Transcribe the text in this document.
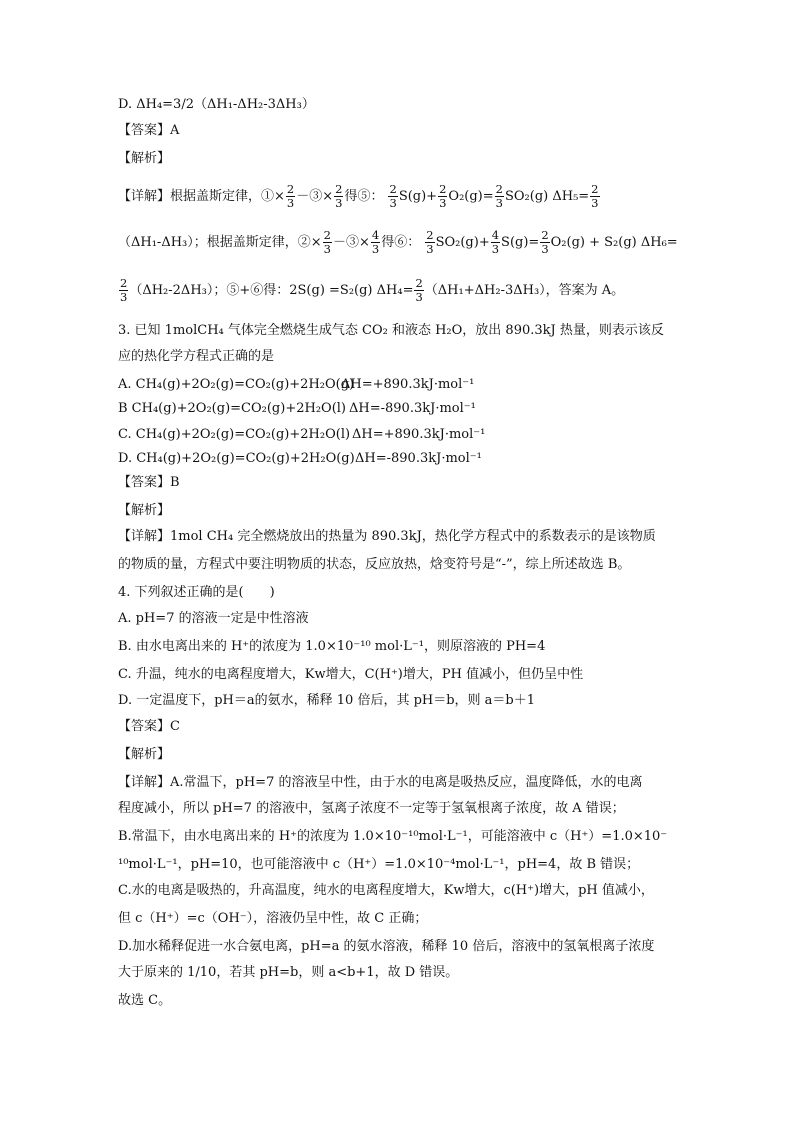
D. ΔH₄=3/2（ΔH₁-ΔH₂-3ΔH₃）
【答案】A
【解析】
【详解】根据盖斯定律，①× $\frac{2}{3}$ －③× $\frac{2}{3}$ 得⑤： $\frac{2}{3} S(g)+ \frac{2}{3} O_2(g)= \frac{2}{3} SO_2(g)$ $\Delta H_5= \frac{2}{3}$
（ΔH₁-ΔH₃）；根据盖斯定律，②× $\frac{2}{3}$ －③× $\frac{4}{3}$ 得⑥： $\frac{2}{3} SO_2(g)+ \frac{4}{3} S(g)= \frac{2}{3} O_2(g) + S_2(g)$ ΔH₆=
$\frac{2}{3} (\Delta H_2-2\Delta H_3)$；⑤+⑥得：2S(g) =S₂(g) $\Delta H_4= \frac{2}{3} (\Delta H_1+\Delta H_2-3\Delta H_3)$，答案为 A。
3. 已知 1molCH₄ 气体完全燃烧生成气态 CO₂ 和液态 H₂O，放出 890.3kJ 热量，则表示该反
应的热化学方程式正确的是
A. CH₄(g)+2O₂(g)=CO₂(g)+2H₂O(g)
ΔH=+890.3kJ·mol⁻¹
B CH₄(g)+2O₂(g)=CO₂(g)+2H₂O(l) ΔH=-890.3kJ·mol⁻¹
C. CH₄(g)+2O₂(g)=CO₂(g)+2H₂O(l) ΔH=+890.3kJ·mol⁻¹
D. CH₄(g)+2O₂(g)=CO₂(g)+2H₂O(g) ΔH=-890.3kJ·mol⁻¹
【答案】B
【解析】
【详解】1mol CH₄ 完全燃烧放出的热量为 890.3kJ，热化学方程式中的系数表示的是该物质
的物质的量，方程式中要注明物质的状态，反应放热，焓变符号是“-”，综上所述故选 B。
4. 下列叙述正确的是(　　)
A. pH=7 的溶液一定是中性溶液
B. 由水电离出来的 H⁺的浓度为 1.0×10⁻¹⁰ mol·L⁻¹，则原溶液的 PH=4
C. 升温，纯水的电离程度增大，Kw增大，C(H⁺)增大，PH 值减小，但仍呈中性
D. 一定温度下，pH＝a的氨水，稀释 10 倍后，其 pH＝b，则 a＝b＋1
【答案】C
【解析】
【详解】A.常温下，pH=7 的溶液呈中性，由于水的电离是吸热反应，温度降低，水的电离
程度减小，所以 pH=7 的溶液中，氢离子浓度不一定等于氢氧根离子浓度，故 A 错误；
B.常温下，由水电离出来的 H⁺的浓度为 1.0×10⁻¹⁰mol·L⁻¹，可能溶液中 c（H⁺）=1.0×10⁻
¹⁰mol·L⁻¹，pH=10，也可能溶液中 c（H⁺）=1.0×10⁻⁴mol·L⁻¹，pH=4，故 B 错误；
C.水的电离是吸热的，升高温度，纯水的电离程度增大，Kw增大，c(H⁺)增大，pH 值减小，
但 c（H⁺）=c（OH⁻），溶液仍呈中性，故 C 正确；
D.加水稀释促进一水合氨电离，pH=a 的氨水溶液，稀释 10 倍后，溶液中的氢氧根离子浓度
大于原来的 1/10，若其 pH=b，则 a<b+1，故 D 错误。
故选 C。
